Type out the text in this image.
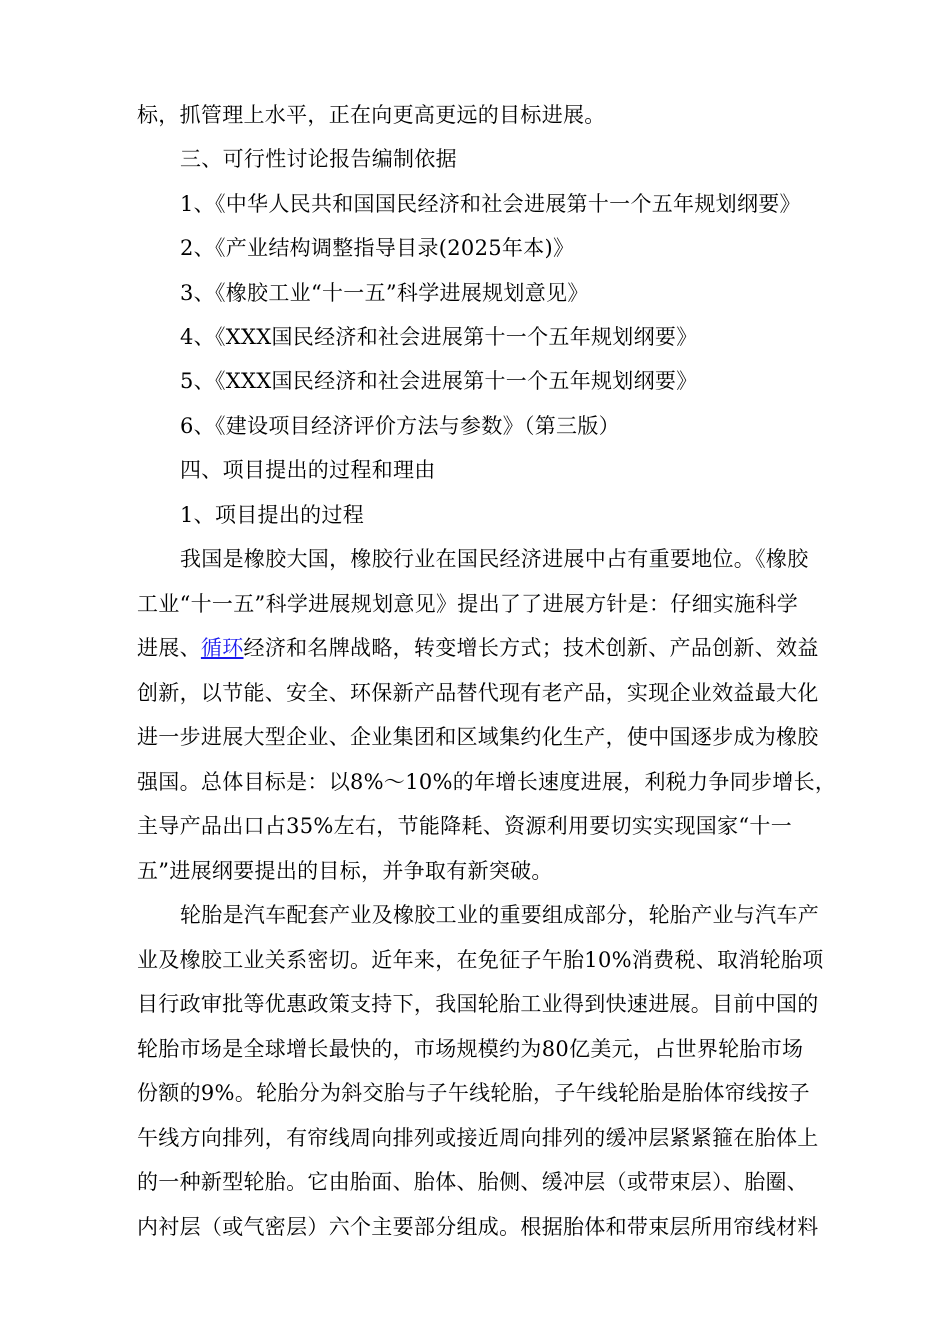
标，抓管理上水平，正在向更高更远的目标进展。
三、可行性讨论报告编制依据
1、《中华人民共和国国民经济和社会进展第十一个五年规划纲要》
2、《产业结构调整指导目录(2025年本)》
3、《橡胶工业“十一五”科学进展规划意见》
4、《XXX国民经济和社会进展第十一个五年规划纲要》
5、《XXX国民经济和社会进展第十一个五年规划纲要》
6、《建设项目经济评价方法与参数》（第三版）
四、项目提出的过程和理由
1、项目提出的过程
我国是橡胶大国，橡胶行业在国民经济进展中占有重要地位。《橡胶
工业“十一五”科学进展规划意见》提出了了进展方针是：仔细实施科学
进展、循环经济和名牌战略，转变增长方式；技术创新、产品创新、效益
创新，以节能、安全、环保新产品替代现有老产品，实现企业效益最大化
进一步进展大型企业、企业集团和区域集约化生产，使中国逐步成为橡胶
强国。总体目标是：以8%～10%的年增长速度进展，利税力争同步增长，
主导产品出口占35%左右，节能降耗、资源利用要切实实现国家“十一
五”进展纲要提出的目标，并争取有新突破。
轮胎是汽车配套产业及橡胶工业的重要组成部分，轮胎产业与汽车产
业及橡胶工业关系密切。近年来，在免征子午胎10%消费税、取消轮胎项
目行政审批等优惠政策支持下，我国轮胎工业得到快速进展。目前中国的
轮胎市场是全球增长最快的，市场规模约为80亿美元，占世界轮胎市场
份额的9%。轮胎分为斜交胎与子午线轮胎，子午线轮胎是胎体帘线按子
午线方向排列，有帘线周向排列或接近周向排列的缓冲层紧紧箍在胎体上
的一种新型轮胎。它由胎面、胎体、胎侧、缓冲层（或带束层）、胎圈、
内衬层（或气密层）六个主要部分组成。根据胎体和带束层所用帘线材料
